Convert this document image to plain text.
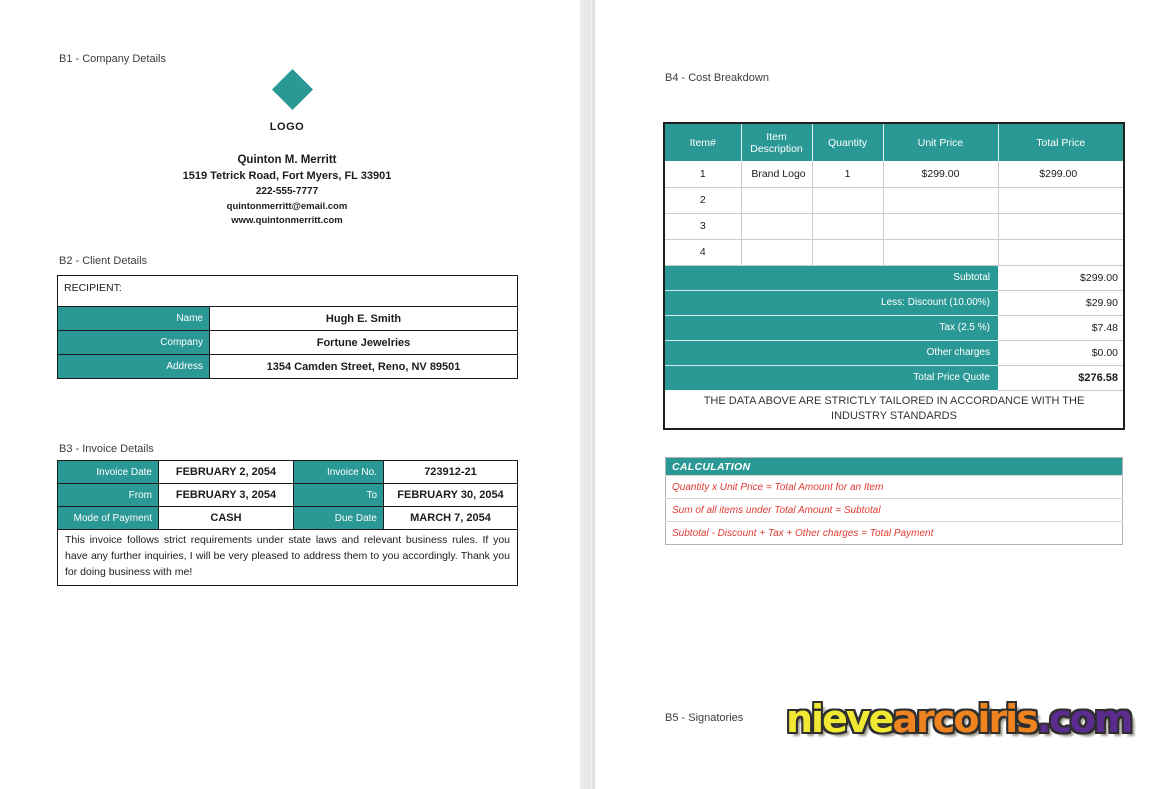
B1 - Company Details
LOGO
Quinton M. Merritt
1519 Tetrick Road, Fort Myers, FL 33901
222-555-7777
quintonmerritt@email.com
www.quintonmerritt.com
B2 - Client Details
RECIPIENT:	
Name	Hugh E. Smith
Company	Fortune Jewelries
Address	1354 Camden Street, Reno, NV 89501
B3 - Invoice Details
Invoice Date	FEBRUARY 2, 2054	Invoice No.	723912-21
From	FEBRUARY 3, 2054	To	FEBRUARY 30, 2054
Mode of Payment	CASH	Due Date	MARCH 7, 2054
This invoice follows strict requirements under state laws and relevant business rules. If you have any further inquiries, I will be very pleased to address them to you accordingly. Thank you for doing business with me!			
B4 - Cost Breakdown
Item#	Item Description	Quantity	Unit Price	Total Price
1	Brand Logo	1	$299.00	$299.00
2				
3				
4				
Subtotal				$299.00
Less: Discount (10.00%)				$29.90
Tax (2.5 %)				$7.48
Other charges				$0.00
Total Price Quote				$276.58
THE DATA ABOVE ARE STRICTLY TAILORED IN ACCORDANCE WITH THE INDUSTRY STANDARDS				
CALCULATION
Quantity x Unit Price = Total Amount for an Item
Sum of all items under Total Amount = Subtotal
Subtotal - Discount + Tax + Other charges = Total Payment
B5 - Signatories nievearcoiris.com
